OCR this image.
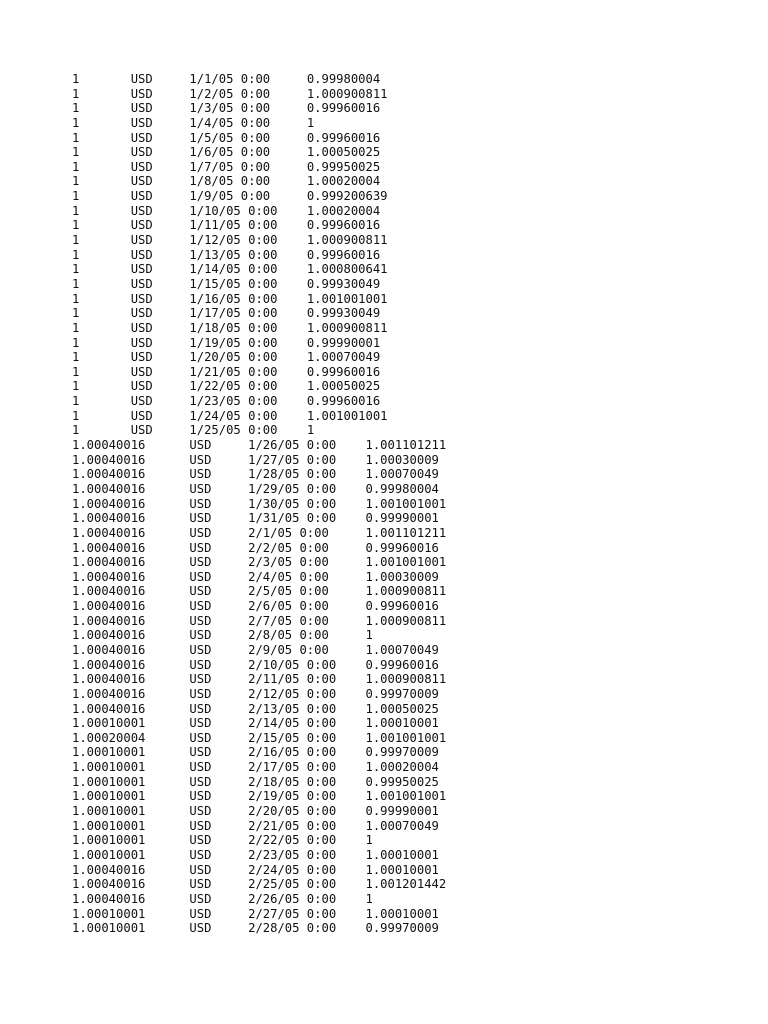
1	USD	1/1/05 0:00	0.99980004
1	USD	1/2/05 0:00	1.000900811
1	USD	1/3/05 0:00	0.99960016
1	USD	1/4/05 0:00	1
1	USD	1/5/05 0:00	0.99960016
1	USD	1/6/05 0:00	1.00050025
1	USD	1/7/05 0:00	0.99950025
1	USD	1/8/05 0:00	1.00020004
1	USD	1/9/05 0:00	0.999200639
1	USD	1/10/05 0:00	1.00020004
1	USD	1/11/05 0:00	0.99960016
1	USD	1/12/05 0:00	1.000900811
1	USD	1/13/05 0:00	0.99960016
1	USD	1/14/05 0:00	1.000800641
1	USD	1/15/05 0:00	0.99930049
1	USD	1/16/05 0:00	1.001001001
1	USD	1/17/05 0:00	0.99930049
1	USD	1/18/05 0:00	1.000900811
1	USD	1/19/05 0:00	0.99990001
1	USD	1/20/05 0:00	1.00070049
1	USD	1/21/05 0:00	0.99960016
1	USD	1/22/05 0:00	1.00050025
1	USD	1/23/05 0:00	0.99960016
1	USD	1/24/05 0:00	1.001001001
1	USD	1/25/05 0:00	1
1.00040016	USD	1/26/05 0:00	1.001101211
1.00040016	USD	1/27/05 0:00	1.00030009
1.00040016	USD	1/28/05 0:00	1.00070049
1.00040016	USD	1/29/05 0:00	0.99980004
1.00040016	USD	1/30/05 0:00	1.001001001
1.00040016	USD	1/31/05 0:00	0.99990001
1.00040016	USD	2/1/05 0:00	1.001101211
1.00040016	USD	2/2/05 0:00	0.99960016
1.00040016	USD	2/3/05 0:00	1.001001001
1.00040016	USD	2/4/05 0:00	1.00030009
1.00040016	USD	2/5/05 0:00	1.000900811
1.00040016	USD	2/6/05 0:00	0.99960016
1.00040016	USD	2/7/05 0:00	1.000900811
1.00040016	USD	2/8/05 0:00	1
1.00040016	USD	2/9/05 0:00	1.00070049
1.00040016	USD	2/10/05 0:00	0.99960016
1.00040016	USD	2/11/05 0:00	1.000900811
1.00040016	USD	2/12/05 0:00	0.99970009
1.00040016	USD	2/13/05 0:00	1.00050025
1.00010001	USD	2/14/05 0:00	1.00010001
1.00020004	USD	2/15/05 0:00	1.001001001
1.00010001	USD	2/16/05 0:00	0.99970009
1.00010001	USD	2/17/05 0:00	1.00020004
1.00010001	USD	2/18/05 0:00	0.99950025
1.00010001	USD	2/19/05 0:00	1.001001001
1.00010001	USD	2/20/05 0:00	0.99990001
1.00010001	USD	2/21/05 0:00	1.00070049
1.00010001	USD	2/22/05 0:00	1
1.00010001	USD	2/23/05 0:00	1.00010001
1.00040016	USD	2/24/05 0:00	1.00010001
1.00040016	USD	2/25/05 0:00	1.001201442
1.00040016	USD	2/26/05 0:00	1
1.00010001	USD	2/27/05 0:00	1.00010001
1.00010001	USD	2/28/05 0:00	0.99970009
